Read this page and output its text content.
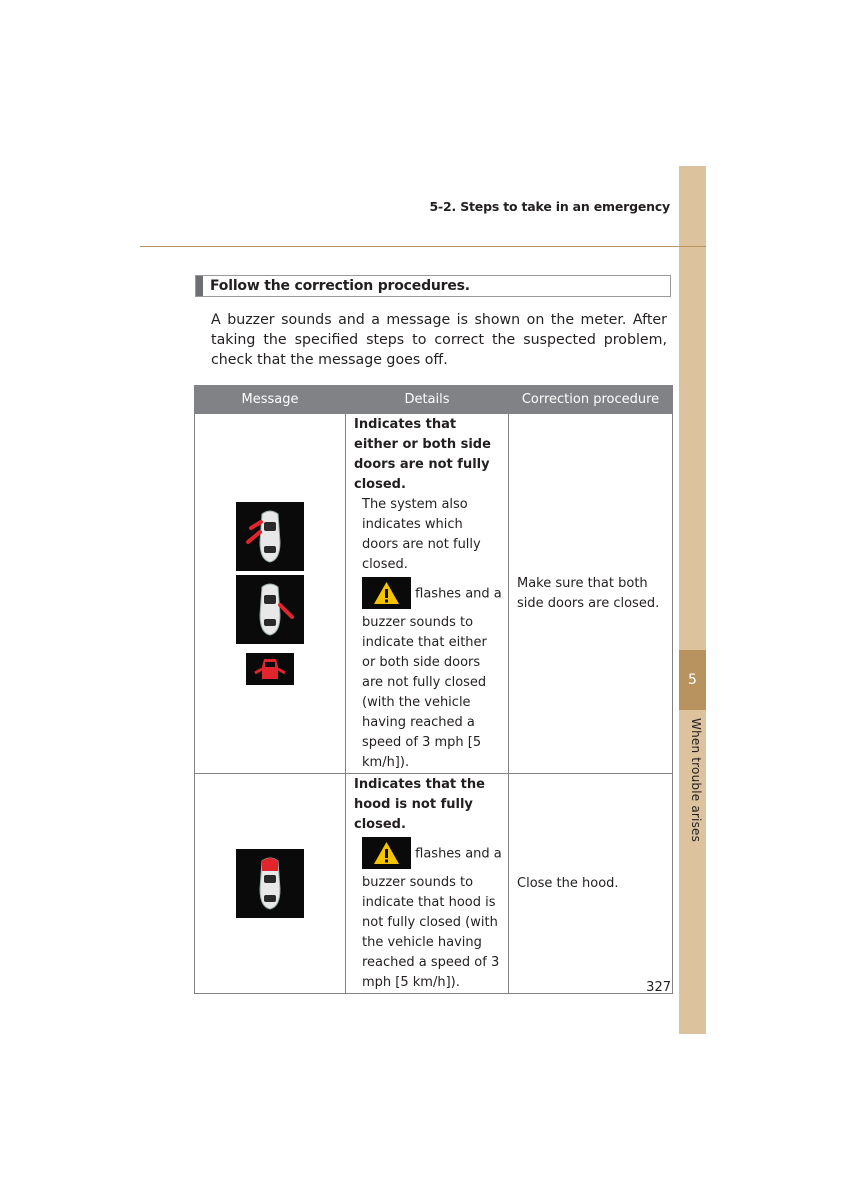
5
When trouble arises
5-2. Steps to take in an emergency
Follow the correction procedures.

A buzzer sounds and a message is shown on the meter. After taking the specified steps to correct the suspected problem, check that the message goes off.

Message	Details	Correction procedure

Indicates that either or both side doors are not fully closed.
The system also indicates which doors are not fully closed.
flashes and a buzzer sounds to indicate that either or both side doors are not fully closed (with the vehicle having reached a speed of 3 mph [5 km/h]).	Make sure that both side doors are closed.

Indicates that the hood is not fully closed.
flashes and a buzzer sounds to indicate that hood is not fully closed (with the vehicle having reached a speed of 3 mph [5 km/h]).	Close the hood.
327
